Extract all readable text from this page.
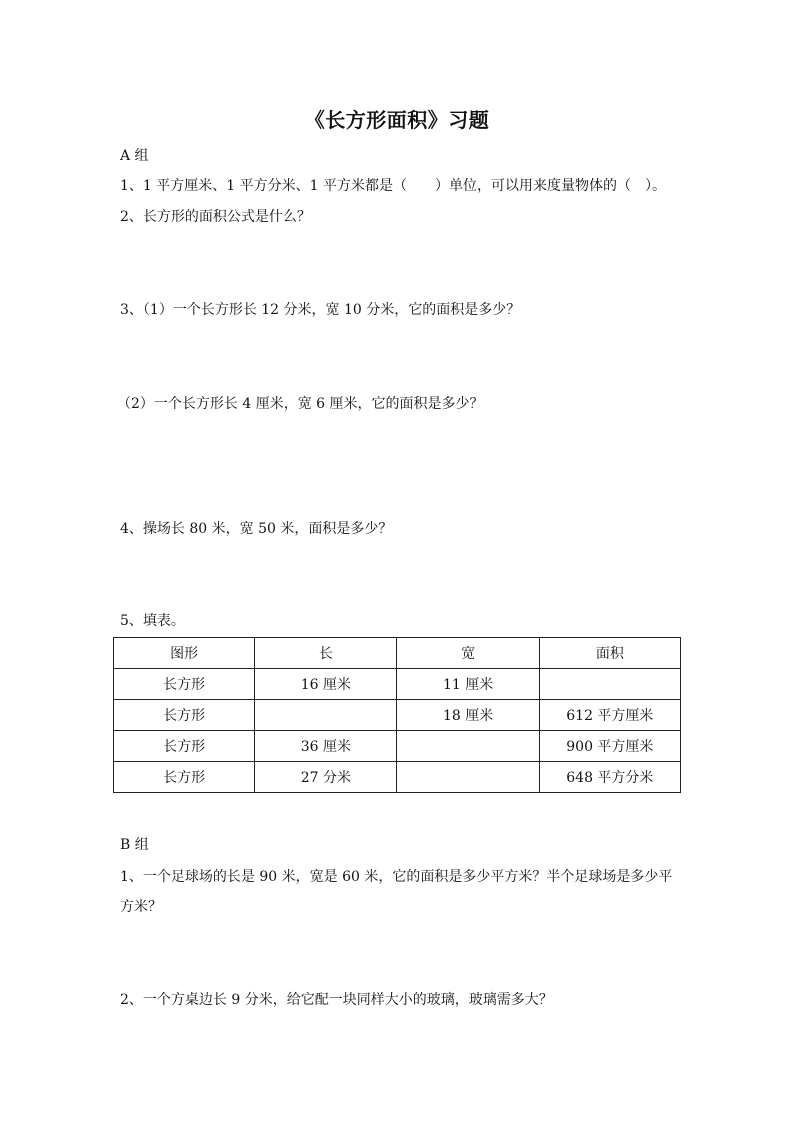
《长方形面积》习题
A 组
1、1 平方厘米、1 平方分米、1 平方米都是（　　）单位，可以用来度量物体的（　）。
2、长方形的面积公式是什么？
3、（1）一个长方形长 12 分米，宽 10 分米，它的面积是多少？
（2）一个长方形长 4 厘米，宽 6 厘米，它的面积是多少？
4、操场长 80 米，宽 50 米，面积是多少？
5、填表。
图形	长	宽	面积
长方形	16 厘米	11 厘米	
长方形		18 厘米	612 平方厘米
长方形	36 厘米		900 平方厘米
长方形	27 分米		648 平方分米
B 组
1、一个足球场的长是 90 米，宽是 60 米，它的面积是多少平方米？半个足球场是多少平方米？
2、一个方桌边长 9 分米，给它配一块同样大小的玻璃，玻璃需多大？
